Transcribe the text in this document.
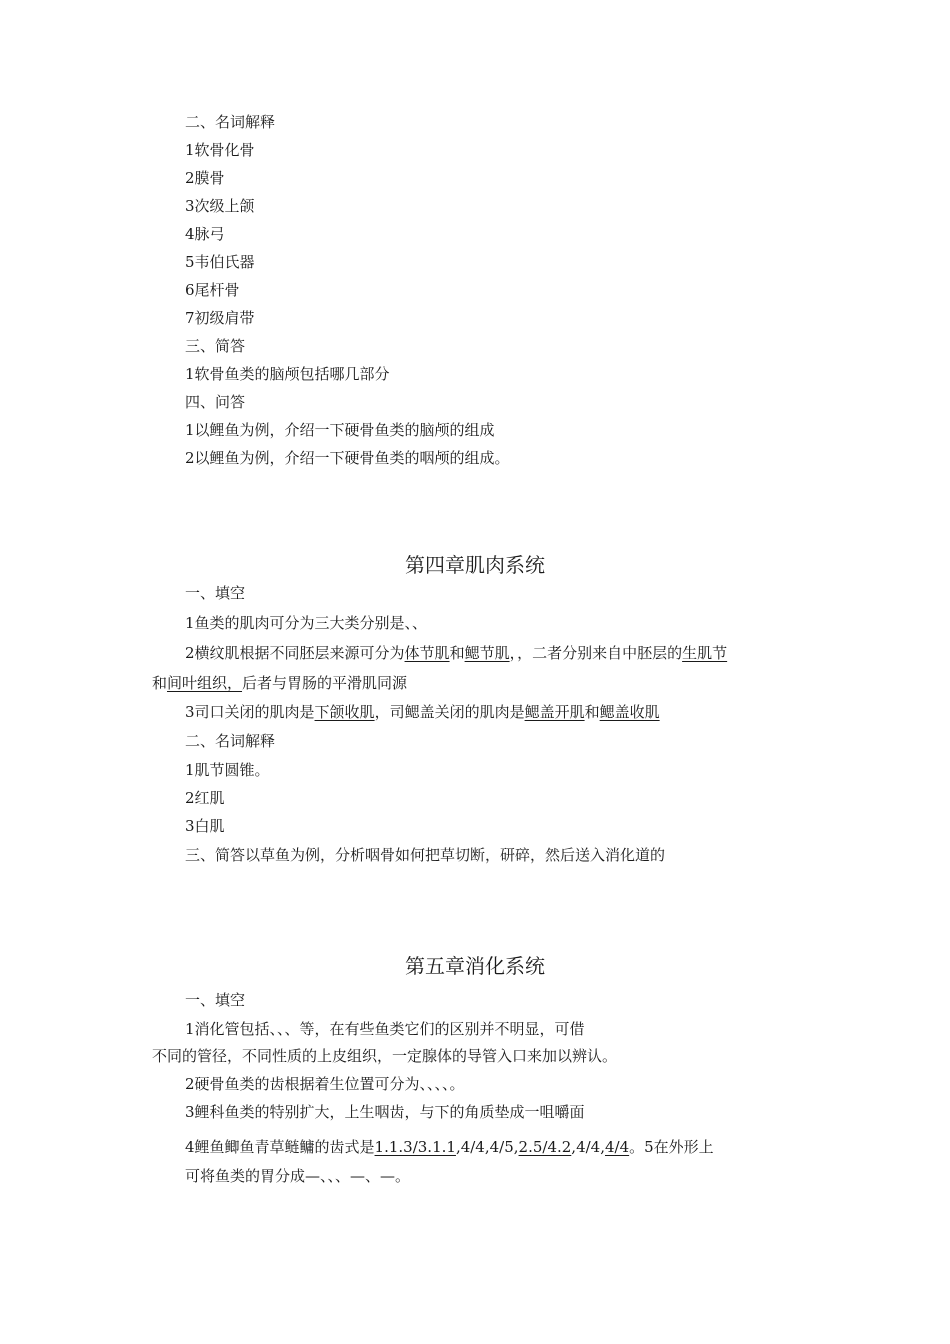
二、名词解释
1软骨化骨
2膜骨
3次级上颌
4脉弓
5韦伯氏器
6尾杆骨
7初级肩带
三、简答
1软骨鱼类的脑颅包括哪几部分
四、问答
1以鲤鱼为例，介绍一下硬骨鱼类的脑颅的组成
2以鲤鱼为例，介绍一下硬骨鱼类的咽颅的组成。
第四章肌肉系统
一、填空
1鱼类的肌肉可分为三大类分别是、、
2横纹肌根据不同胚层来源可分为体节肌和鳃节肌，，二者分别来自中胚层的生肌节
和间叶组织，后者与胃肠的平滑肌同源
3司口关闭的肌肉是下颌收肌，司鳃盖关闭的肌肉是鳃盖开肌和鳃盖收肌
二、名词解释
1肌节圆锥。
2红肌
3白肌
三、简答以草鱼为例，分析咽骨如何把草切断，研碎，然后送入消化道的
第五章消化系统
一、填空
1消化管包括、、、等，在有些鱼类它们的区别并不明显，可借
不同的管径，不同性质的上皮组织，一定腺体的导管入口来加以辨认。
2硬骨鱼类的齿根据着生位置可分为、、、、。
3鲤科鱼类的特别扩大，上生咽齿，与下的角质垫成一咀嚼面
4鲤鱼鲫鱼青草鲢鳙的齿式是1.1.3/3.1.1,4/4,4/5,2.5/4.2,4/4,4/4。5在外形上
可将鱼类的胃分成—、、、—、—。
